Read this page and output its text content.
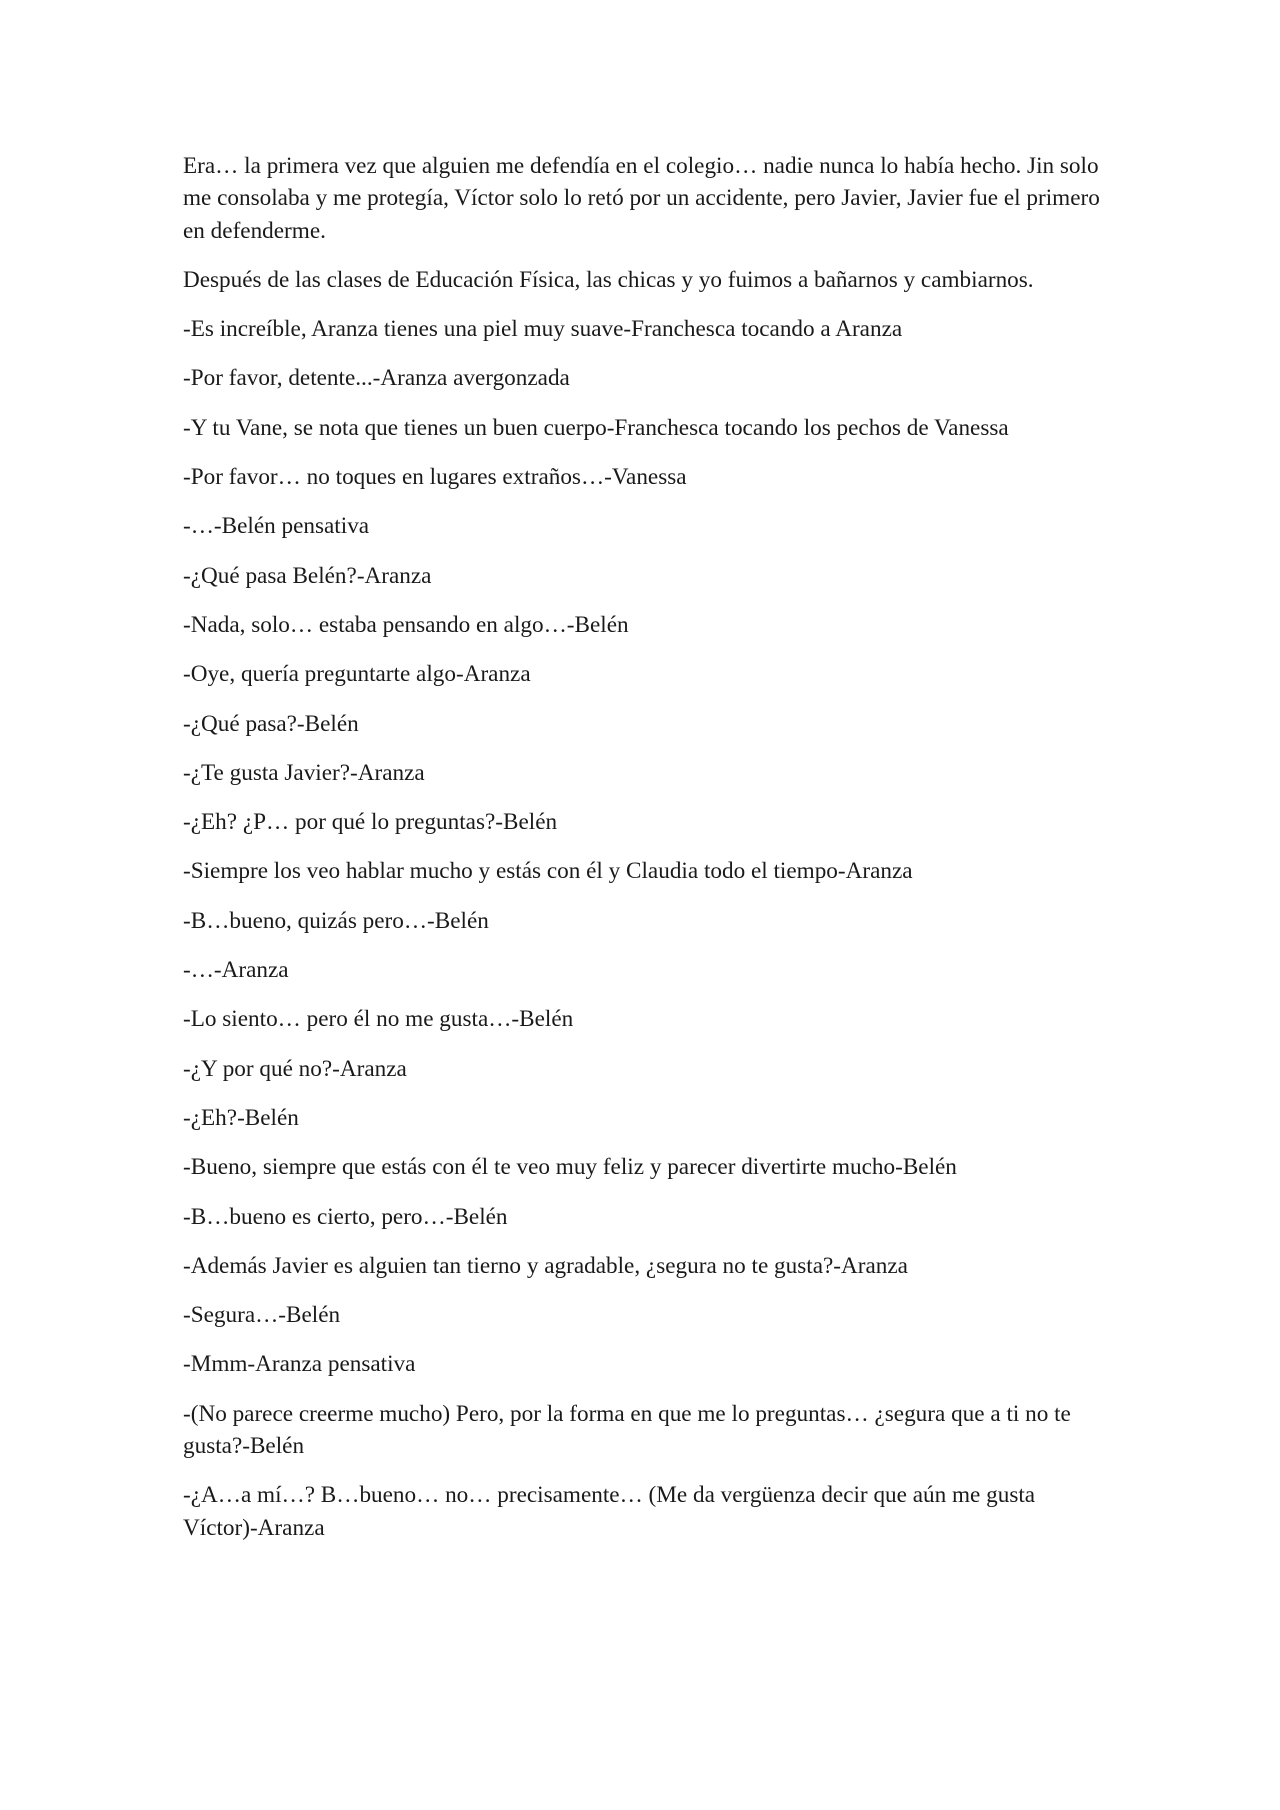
Era… la primera vez que alguien me defendía en el colegio… nadie nunca lo había hecho. Jin solo me consolaba y me protegía, Víctor solo lo retó por un accidente, pero Javier, Javier fue el primero en defenderme.

Después de las clases de Educación Física, las chicas y yo fuimos a bañarnos y cambiarnos.

-Es increíble, Aranza tienes una piel muy suave-Franchesca tocando a Aranza

-Por favor, detente...-Aranza avergonzada

-Y tu Vane, se nota que tienes un buen cuerpo-Franchesca tocando los pechos de Vanessa

-Por favor… no toques en lugares extraños…-Vanessa

-…-Belén pensativa

-¿Qué pasa Belén?-Aranza

-Nada, solo… estaba pensando en algo…-Belén

-Oye, quería preguntarte algo-Aranza

-¿Qué pasa?-Belén

-¿Te gusta Javier?-Aranza

-¿Eh? ¿P… por qué lo preguntas?-Belén

-Siempre los veo hablar mucho y estás con él y Claudia todo el tiempo-Aranza

-B…bueno, quizás pero…-Belén

-…-Aranza

-Lo siento… pero él no me gusta…-Belén

-¿Y por qué no?-Aranza

-¿Eh?-Belén

-Bueno, siempre que estás con él te veo muy feliz y parecer divertirte mucho-Belén

-B…bueno es cierto, pero…-Belén

-Además Javier es alguien tan tierno y agradable, ¿segura no te gusta?-Aranza

-Segura…-Belén

-Mmm-Aranza pensativa

-(No parece creerme mucho) Pero, por la forma en que me lo preguntas… ¿segura que a ti no te gusta?-Belén

-¿A…a mí…? B…bueno… no… precisamente… (Me da vergüenza decir que aún me gusta Víctor)-Aranza
